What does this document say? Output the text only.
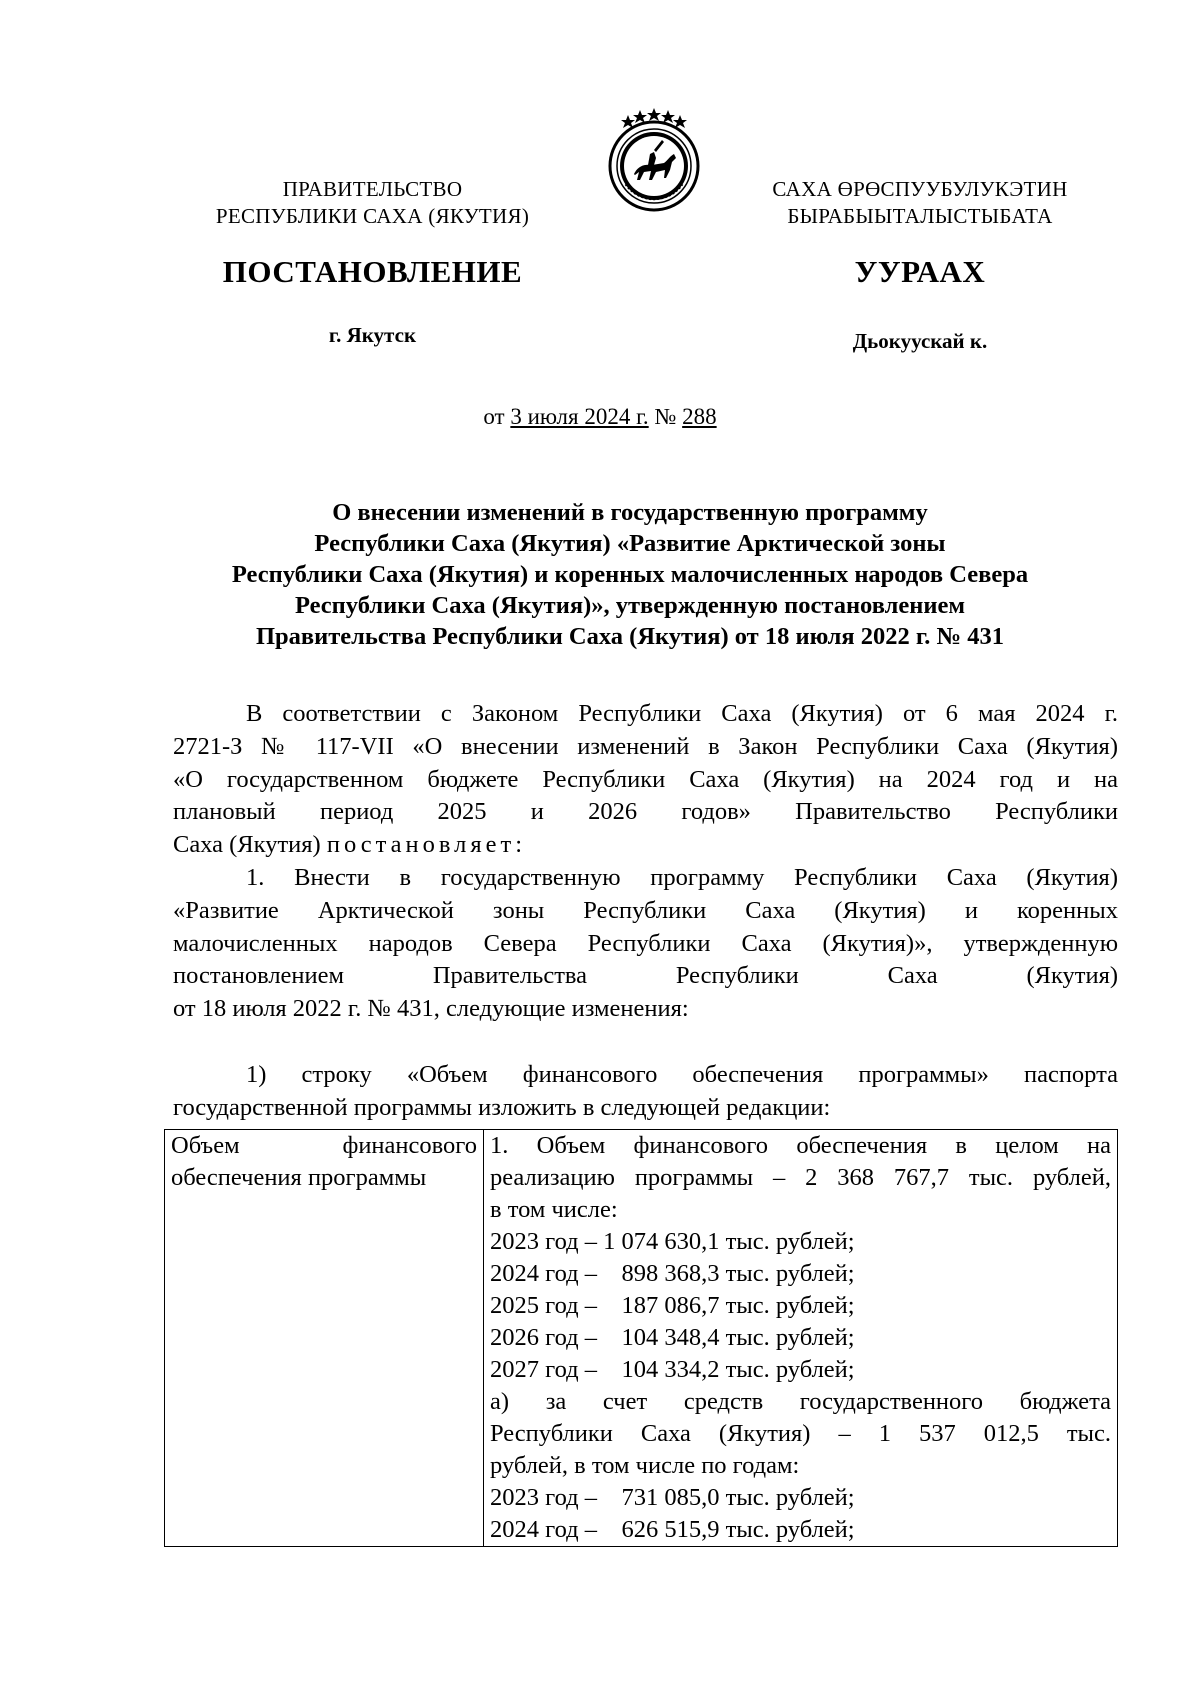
ПРАВИТЕЛЬСТВО
РЕСПУБЛИКИ САХА (ЯКУТИЯ)
САХА ӨРӨСПУУБУЛУКЭТИН
БЫРАБЫЫТАЛЫСТЫБАТА
ПОСТАНОВЛЕНИЕ	УУРААХ
г. Якутск	Дьокуускай к.
от 3 июля 2024 г. № 288
О внесении изменений в государственную программу
Республики Саха (Якутия) «Развитие Арктической зоны
Республики Саха (Якутия) и коренных малочисленных народов Севера
Республики Саха (Якутия)», утвержденную постановлением
Правительства Республики Саха (Якутия) от 18 июля 2022 г. № 431
В соответствии с Законом Республики Саха (Якутия) от 6 мая 2024 г.
2721-З № 117-VII «О внесении изменений в Закон Республики Саха (Якутия)
«О государственном бюджете Республики Саха (Якутия) на 2024 год и на
плановый период 2025 и 2026 годов» Правительство Республики
Саха (Якутия) постановляет:
1. Внести в государственную программу Республики Саха (Якутия)
«Развитие Арктической зоны Республики Саха (Якутия) и коренных
малочисленных народов Севера Республики Саха (Якутия)», утвержденную
постановлением Правительства Республики Саха (Якутия)
от 18 июля 2022 г. № 431, следующие изменения:
1) строку «Объем финансового обеспечения программы» паспорта
государственной программы изложить в следующей редакции:
Объем финансового
обеспечения программы

1. Объем финансового обеспечения в целом на
реализацию программы – 2 368 767,7 тыс. рублей,
в том числе:
2023 год – 1 074 630,1 тыс. рублей;
2024 год –    898 368,3 тыс. рублей;
2025 год –    187 086,7 тыс. рублей;
2026 год –    104 348,4 тыс. рублей;
2027 год –    104 334,2 тыс. рублей;
а) за счет средств государственного бюджета
Республики Саха (Якутия) – 1 537 012,5 тыс.
рублей, в том числе по годам:
2023 год –    731 085,0 тыс. рублей;
2024 год –    626 515,9 тыс. рублей;
